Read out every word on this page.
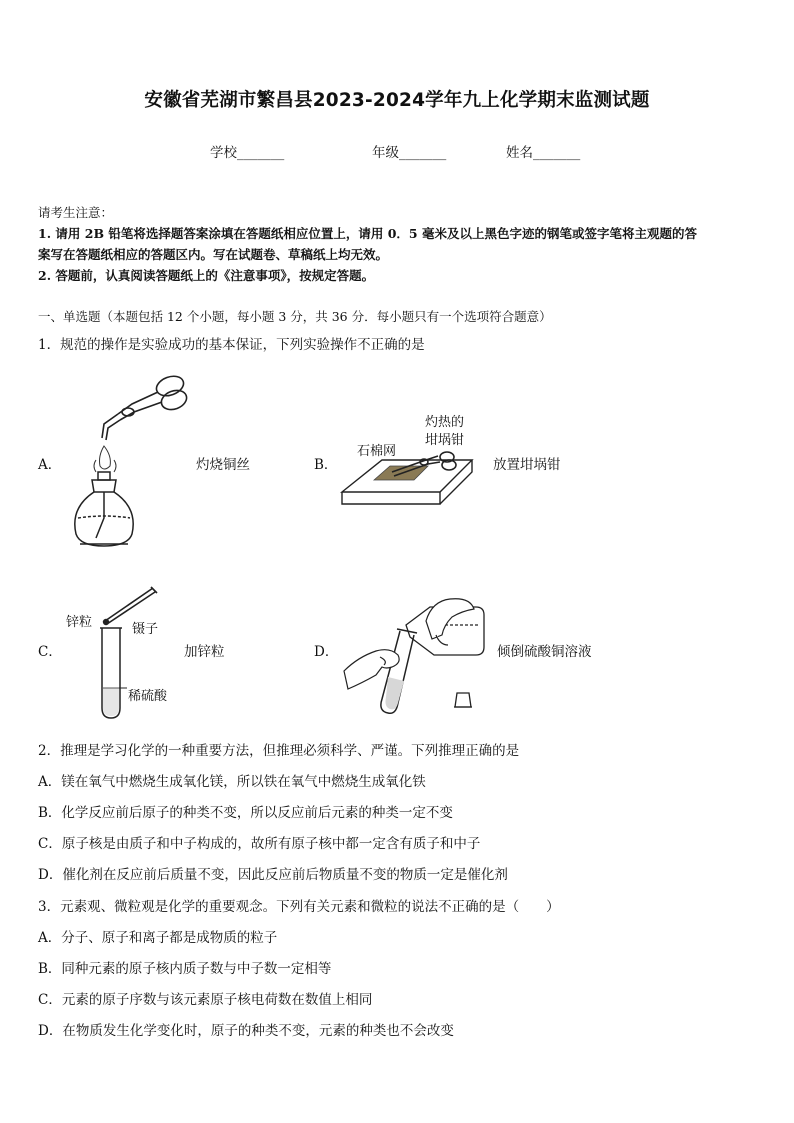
安徽省芜湖市繁昌县2023-2024学年九上化学期末监测试题
学校_______	年级_______	姓名_______
请考生注意：
1. 请用 2B 铅笔将选择题答案涂填在答题纸相应位置上，请用 0．5 毫米及以上黑色字迹的钢笔或签字笔将主观题的答
案写在答题纸相应的答题区内。写在试题卷、草稿纸上均无效。
2. 答题前，认真阅读答题纸上的《注意事项》，按规定答题。
一、单选题（本题包括 12 个小题，每小题 3 分，共 36 分．每小题只有一个选项符合题意）
1．规范的操作是实验成功的基本保证，下列实验操作不正确的是
A．	灼烧铜丝	B．
灼热的
坩埚钳
石棉网
放置坩埚钳
C．
锌粒	镊子
稀硫酸
加锌粒	D．	倾倒硫酸铜溶液
2．推理是学习化学的一种重要方法，但推理必须科学、严谨。下列推理正确的是
A．镁在氧气中燃烧生成氧化镁，所以铁在氧气中燃烧生成氧化铁
B．化学反应前后原子的种类不变，所以反应前后元素的种类一定不变
C．原子核是由质子和中子构成的，故所有原子核中都一定含有质子和中子
D．催化剂在反应前后质量不变，因此反应前后物质量不变的物质一定是催化剂
3．元素观、微粒观是化学的重要观念。下列有关元素和微粒的说法不正确的是（　　）
A．分子、原子和离子都是成物质的粒子
B．同种元素的原子核内质子数与中子数一定相等
C．元素的原子序数与该元素原子核电荷数在数值上相同
D．在物质发生化学变化时，原子的种类不变，元素的种类也不会改变
